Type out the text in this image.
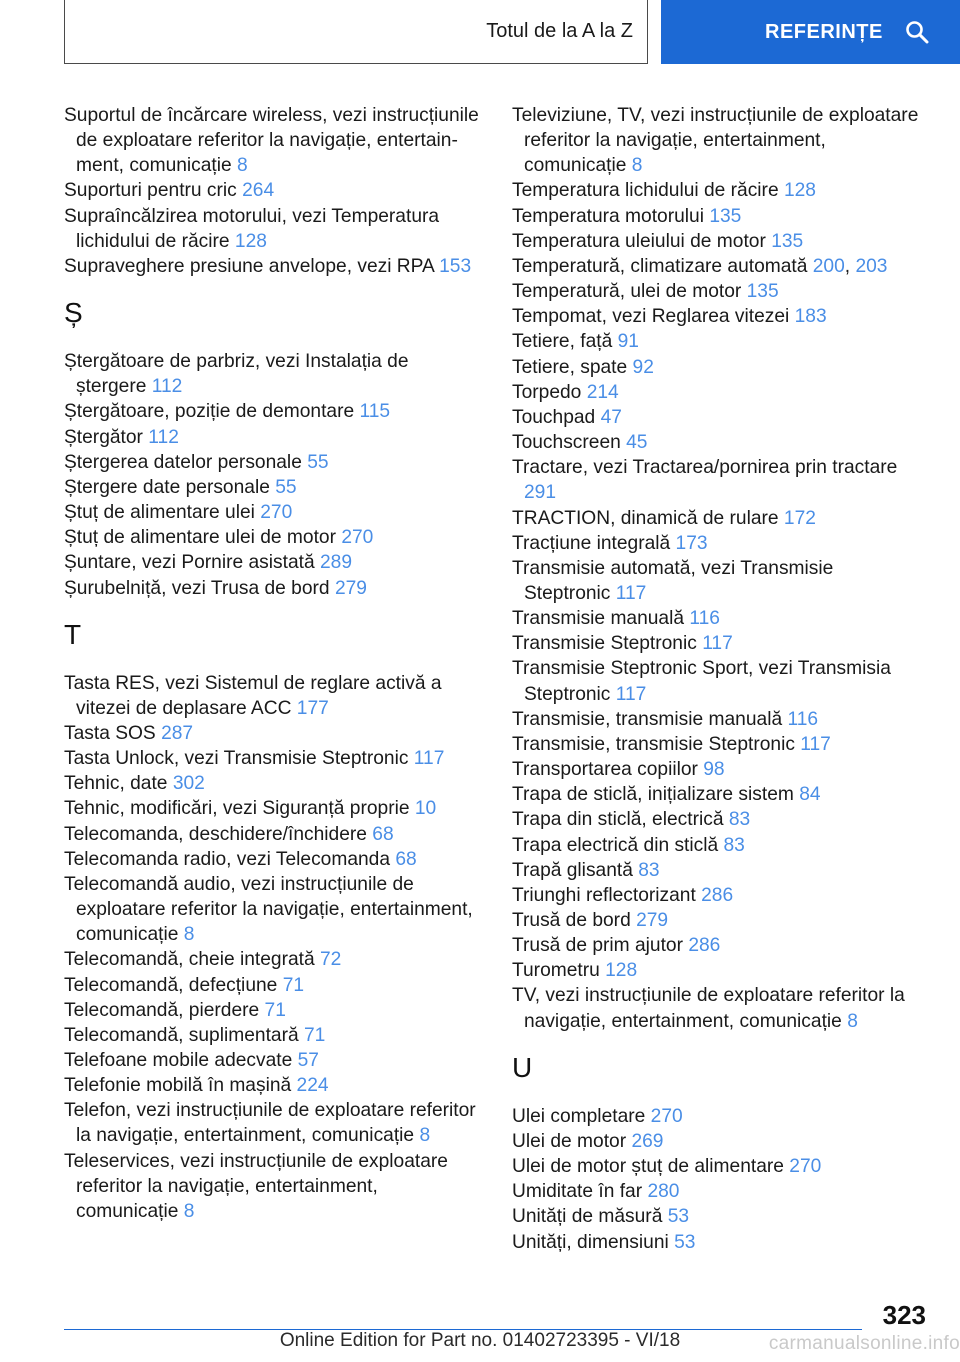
Totul de la A la Z	REFERINȚE

Suportul de încărcare wireless, vezi instrucțiunile de exploatare referitor la navigație, entertainment, comunicație 8

Suporturi pentru cric 264

Supraîncălzirea motorului, vezi Temperatura lichidului de răcire 128

Supraveghere presiune anvelope, vezi RPA 153

Ș

Ștergătoare de parbriz, vezi Instalația de ștergere 112

Ștergătoare, poziție de demontare 115

Ștergător 112

Ștergerea datelor personale 55

Ștergere date personale 55

Ștuț de alimentare ulei 270

Ștuț de alimentare ulei de motor 270

Șuntare, vezi Pornire asistată 289

Șurubelniță, vezi Trusa de bord 279

T

Tasta RES, vezi Sistemul de reglare activă a vitezei de deplasare ACC 177

Tasta SOS 287

Tasta Unlock, vezi Transmisie Steptronic 117

Tehnic, date 302

Tehnic, modificări, vezi Siguranță proprie 10

Telecomanda, deschidere/închidere 68

Telecomanda radio, vezi Telecomanda 68

Telecomandă audio, vezi instrucțiunile de exploatare referitor la navigație, entertainment, comunicație 8

Telecomandă, cheie integrată 72

Telecomandă, defecțiune 71

Telecomandă, pierdere 71

Telecomandă, suplimentară 71

Telefoane mobile adecvate 57

Telefonie mobilă în mașină 224

Telefon, vezi instrucțiunile de exploatare referitor la navigație, entertainment, comunicație 8

Teleservices, vezi instrucțiunile de exploatare referitor la navigație, entertainment, comunicație 8

Televiziune, TV, vezi instrucțiunile de exploatare referitor la navigație, entertainment, comunicație 8

Temperatura lichidului de răcire 128

Temperatura motorului 135

Temperatura uleiului de motor 135

Temperatură, climatizare automată 200, 203

Temperatură, ulei de motor 135

Tempomat, vezi Reglarea vitezei 183

Tetiere, față 91

Tetiere, spate 92

Torpedo 214

Touchpad 47

Touchscreen 45

Tractare, vezi Tractarea/pornirea prin tractare 291

TRACTION, dinamică de rulare 172

Tracțiune integrală 173

Transmisie automată, vezi Transmisie Steptronic 117

Transmisie manuală 116

Transmisie Steptronic 117

Transmisie Steptronic Sport, vezi Transmisia Steptronic 117

Transmisie, transmisie manuală 116

Transmisie, transmisie Steptronic 117

Transportarea copiilor 98

Trapa de sticlă, inițializare sistem 84

Trapa din sticlă, electrică 83

Trapa electrică din sticlă 83

Trapă glisantă 83

Triunghi reflectorizant 286

Trusă de bord 279

Trusă de prim ajutor 286

Turometru 128

TV, vezi instrucțiunile de exploatare referitor la navigație, entertainment, comunicație 8

U

Ulei completare 270

Ulei de motor 269

Ulei de motor ștuț de alimentare 270

Umiditate în far 280

Unități de măsură 53

Unități, dimensiuni 53

323
Online Edition for Part no. 01402723395 - VI/18	carmanualsonline.info
